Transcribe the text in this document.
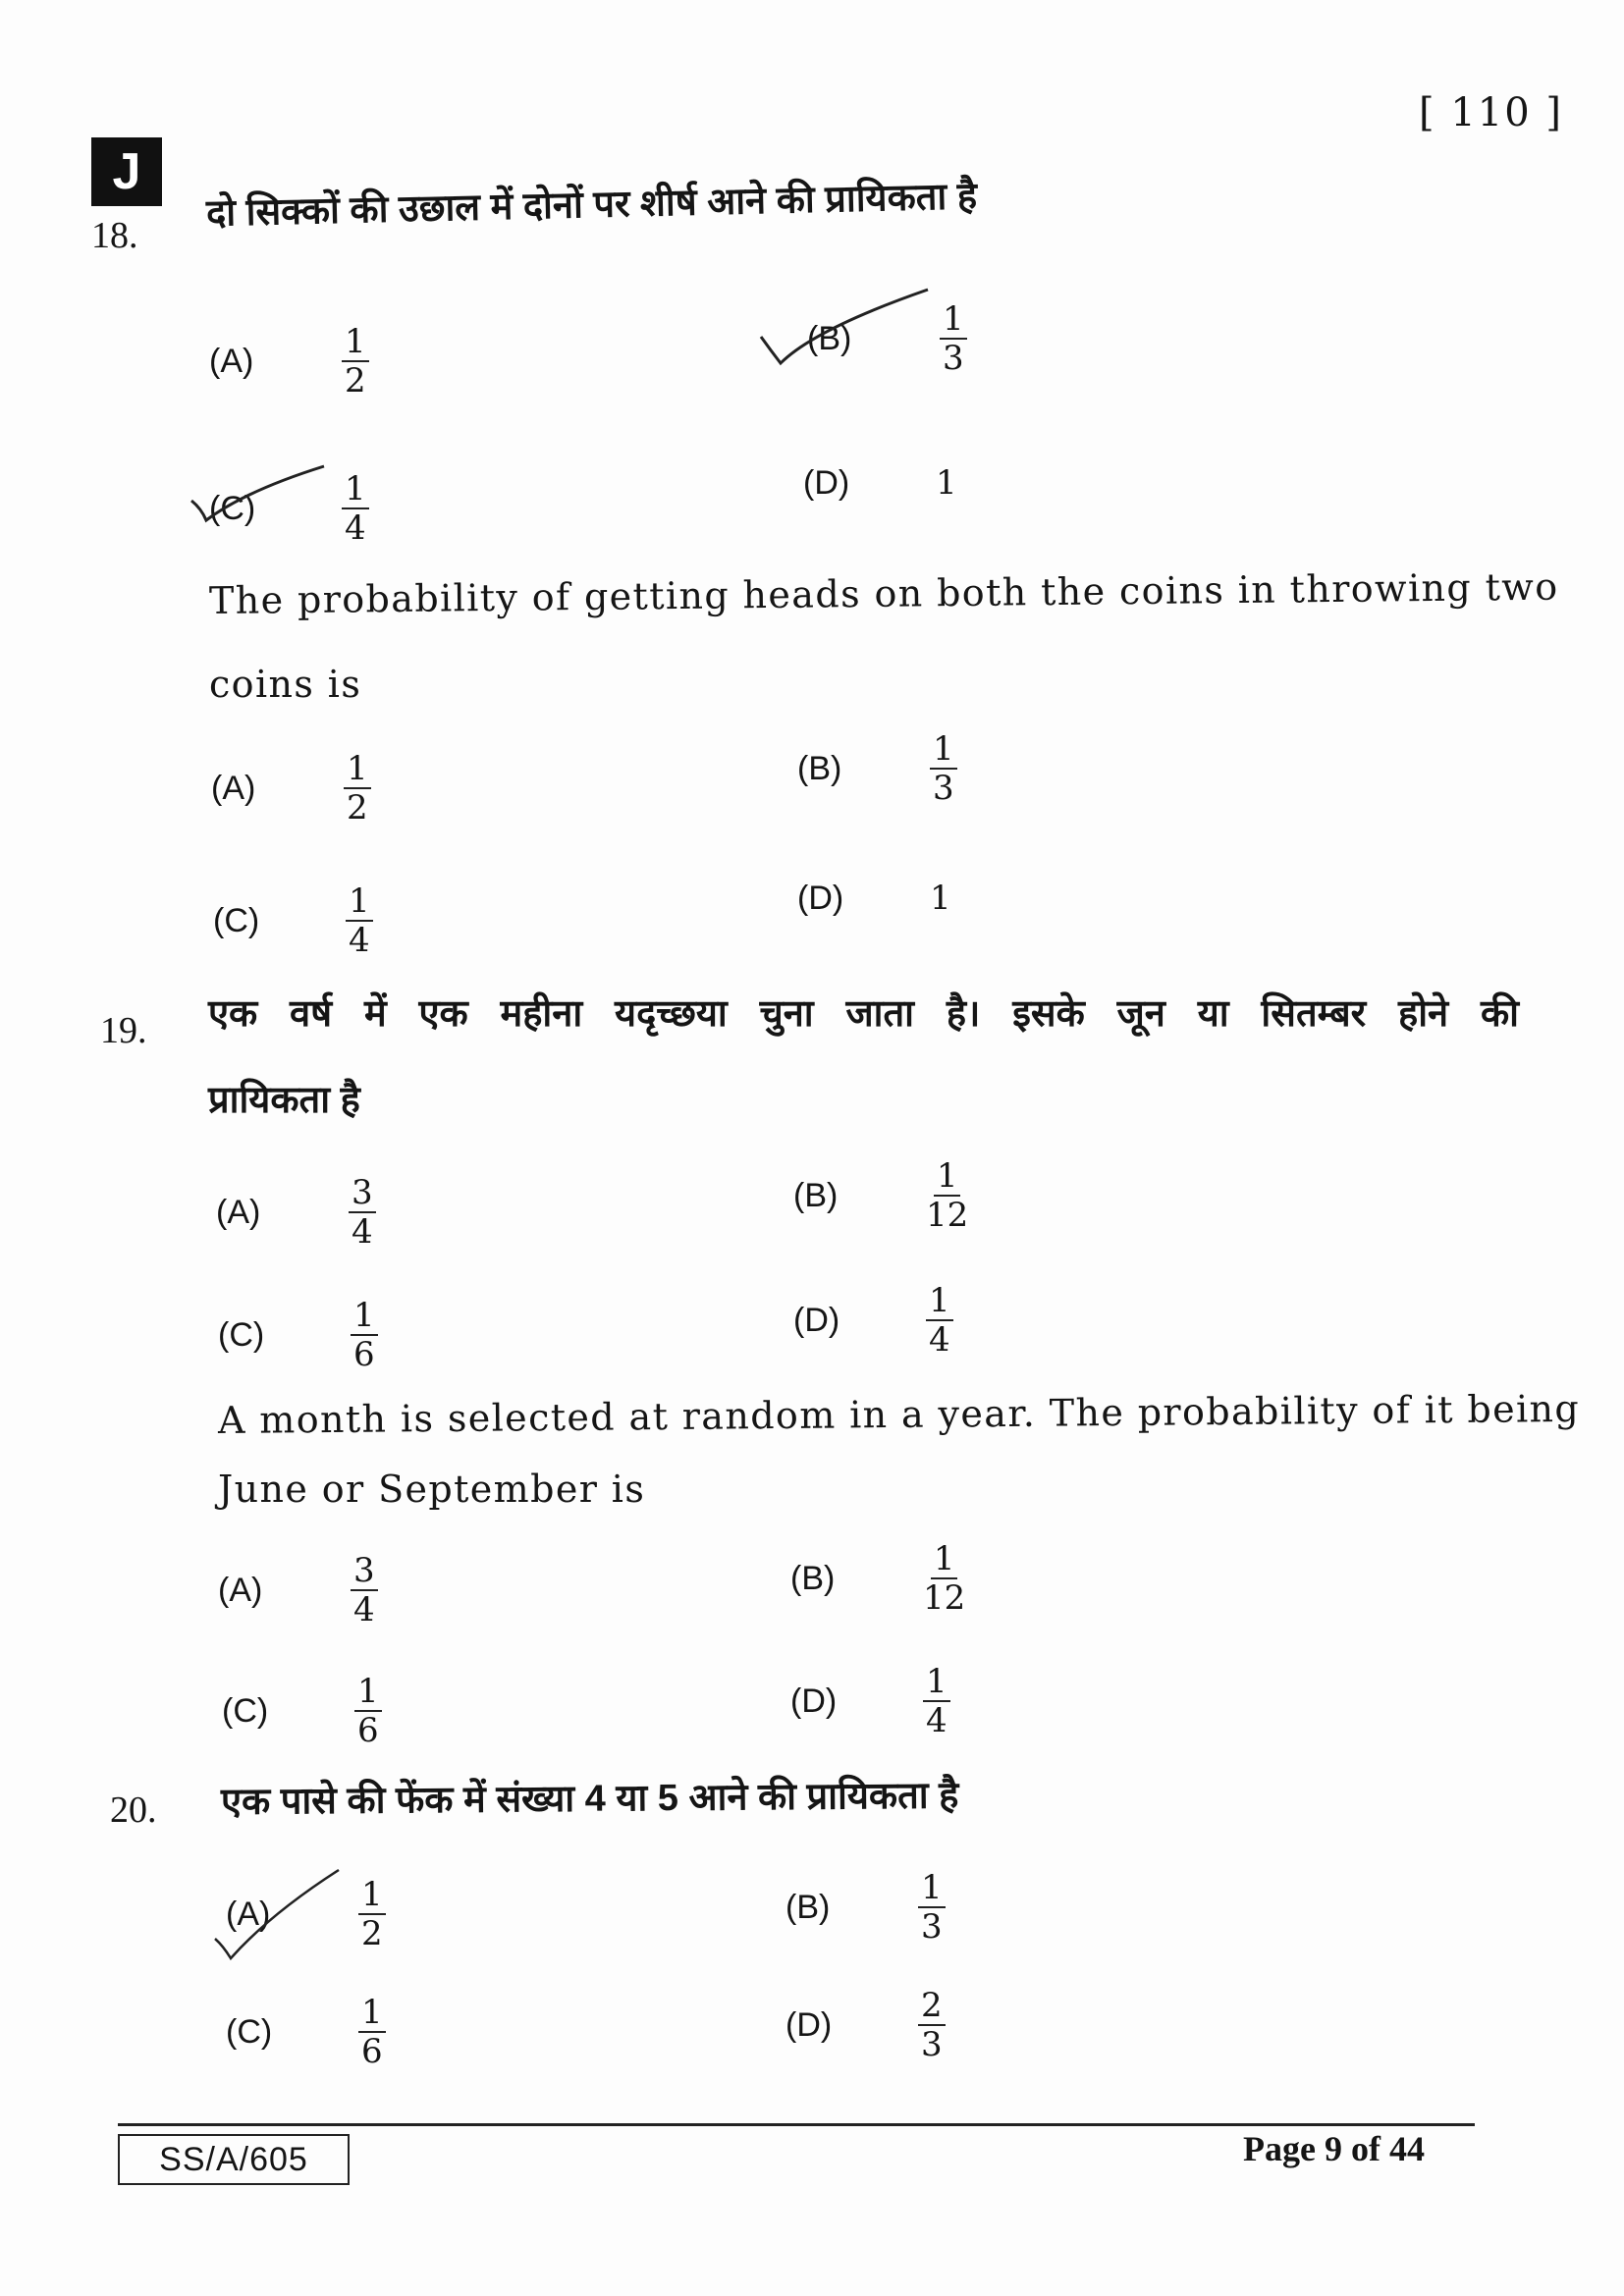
[ 110 ]
J
18.
दो सिक्कों की उछाल में दोनों पर शीर्ष आने की प्रायिकता है
(A)	$\frac{1}{2}$	(B)	$\frac{1}{3}$
(C)	$\frac{1}{4}$	(D)	1
The probability of getting heads on both the coins in throwing two
coins is
(A)	$\frac{1}{2}$	(B)	$\frac{1}{3}$
(C)	$\frac{1}{4}$	(D)	1
19. एक वर्ष में एक महीना यदृच्छया चुना जाता है। इसके जून या सितम्बर होने की
प्रायिकता है
(A)	$\frac{3}{4}$	(B)	$\frac{1}{12}$
(C)	$\frac{1}{6}$	(D)	$\frac{1}{4}$
A month is selected at random in a year. The probability of it being
June or September is
(A)	$\frac{3}{4}$	(B)	$\frac{1}{12}$
(C)	$\frac{1}{6}$	(D)	$\frac{1}{4}$
20. एक पासे की फेंक में संख्या 4 या 5 आने की प्रायिकता है
(A)	$\frac{1}{2}$	(B)	$\frac{1}{3}$
(C)	$\frac{1}{6}$	(D)	$\frac{2}{3}$
SS/A/605	Page 9 of 44
